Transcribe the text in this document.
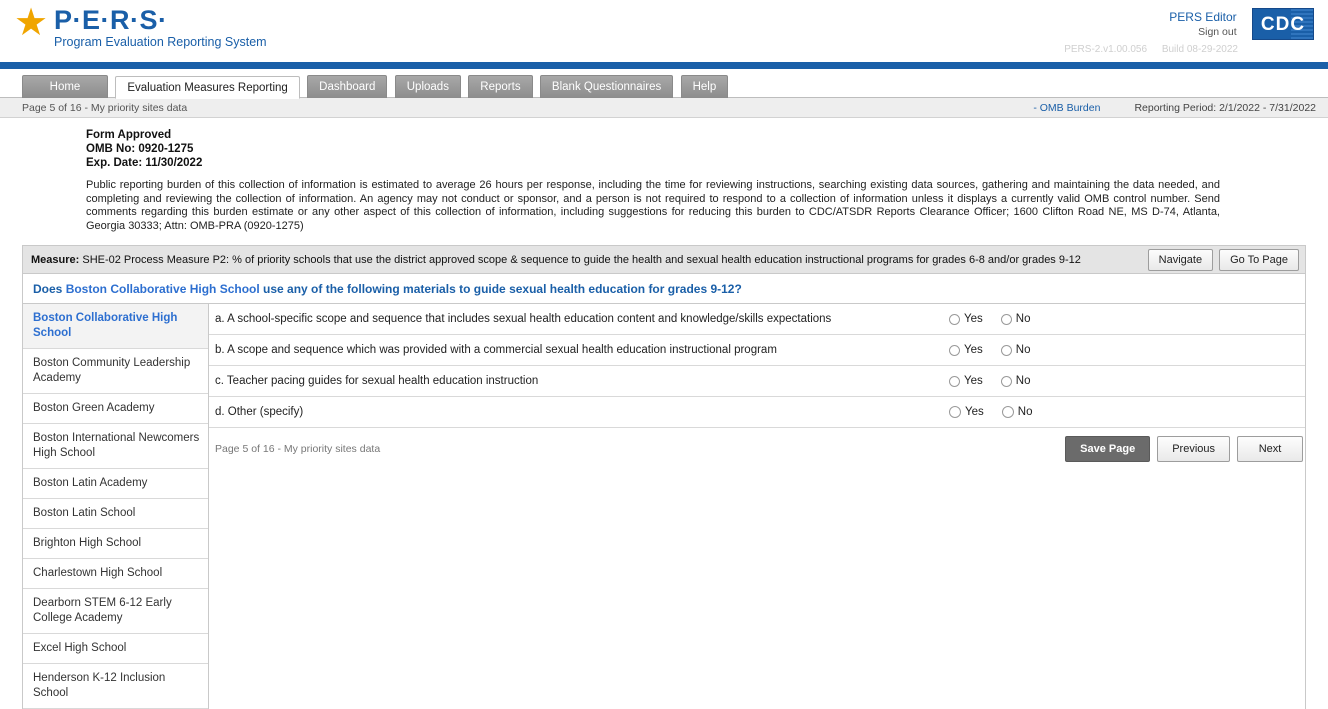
★ P·E·R·S·
Program Evaluation Reporting System
PERS Editor
Sign out CDC
PERS-2.v1.00.056 Build 08-29-2022
Home	Evaluation Measures Reporting	Dashboard	Uploads	Reports	Blank Questionnaires	Help
Page 5 of 16 - My priority sites data	- OMB Burden	Reporting Period: 2/1/2022 - 7/31/2022
Form Approved
OMB No: 0920-1275
Exp. Date: 11/30/2022
Public reporting burden of this collection of information is estimated to average 26 hours per response, including the time for reviewing instructions, searching existing data sources, gathering and maintaining the data needed, and completing and reviewing the collection of information. An agency may not conduct or sponsor, and a person is not required to respond to a collection of information unless it displays a currently valid OMB control number. Send comments regarding this burden estimate or any other aspect of this collection of information, including suggestions for reducing this burden to CDC/ATSDR Reports Clearance Officer; 1600 Clifton Road NE, MS D-74, Atlanta, Georgia 30333; Attn: OMB-PRA (0920-1275)
Measure: SHE-02 Process Measure P2: % of priority schools that use the district approved scope & sequence to guide the health and sexual health education instructional programs for grades 6-8 and/or grades 9-12	Navigate	Go To Page
Does Boston Collaborative High School use any of the following materials to guide sexual health education for grades 9-12?
Boston Collaborative High School
Boston Community Leadership Academy
Boston Green Academy
Boston International Newcomers High School
Boston Latin Academy
Boston Latin School
Brighton High School
Charlestown High School
Dearborn STEM 6-12 Early College Academy
Excel High School
Henderson K-12 Inclusion School
a. A school-specific scope and sequence that includes sexual health education content and knowledge/skills expectations	Yes	No
b. A scope and sequence which was provided with a commercial sexual health education instructional program	Yes	No
c. Teacher pacing guides for sexual health education instruction	Yes	No
d. Other (specify)	Yes	No
Page 5 of 16 - My priority sites data	Save Page	Previous	Next
